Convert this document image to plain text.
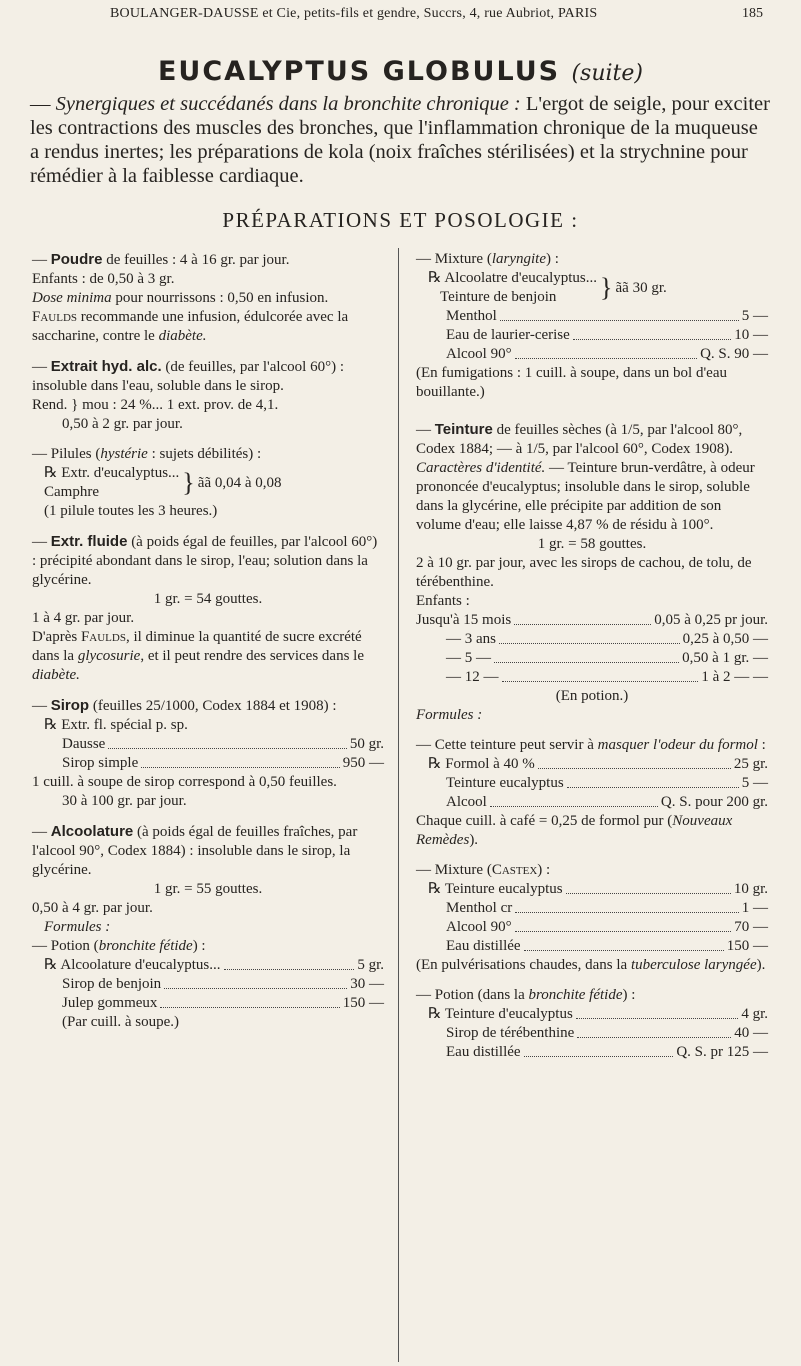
BOULANGER-DAUSSE et Cie, petits-fils et gendre, Succrs, 4, rue Aubriot, PARIS	185
EUCALYPTUS GLOBULUS (suite)
— Synergiques et succédanés dans la bronchite chronique : L'ergot de seigle, pour exciter les contractions des muscles des bronches, que l'inflammation chronique de la muqueuse a rendus inertes; les préparations de kola (noix fraîches stérilisées) et la strychnine pour rémédier à la faiblesse cardiaque.
PRÉPARATIONS ET POSOLOGIE :
— Poudre de feuilles : 4 à 16 gr. par jour.
Enfants : de 0,50 à 3 gr.
Dose minima pour nourrissons : 0,50 en infusion.
Faulds recommande une infusion, édulcorée avec la saccharine, contre le diabète.
— Extrait hyd. alc. (de feuilles, par l'alcool 60°) : insoluble dans l'eau, soluble dans le sirop.
Rend. } mou : 24 %... 1 ext. prov. de 4,1.
0,50 à 2 gr. par jour.
— Pilules (hystérie : sujets débilités) :
℞ Extr. d'eucalyptus...
Camphre	} ãã 0,04 à 0,08
(1 pilule toutes les 3 heures.)
— Extr. fluide (à poids égal de feuilles, par l'alcool 60°) : précipité abondant dans le sirop, l'eau; solution dans la glycérine.
1 gr. = 54 gouttes.
1 à 4 gr. par jour.
D'après Faulds, il diminue la quantité de sucre excrété dans la glycosurie, et il peut rendre des services dans le diabète.
— Sirop (feuilles 25/1000, Codex 1884 et 1908) :
℞ Extr. fl. spécial p. sp.
Dausse	50 gr.
Sirop simple	950 —
1 cuill. à soupe de sirop correspond à 0,50 feuilles.
30 à 100 gr. par jour.
— Alcoolature (à poids égal de feuilles fraîches, par l'alcool 90°, Codex 1884) : insoluble dans le sirop, la glycérine.
1 gr. = 55 gouttes.
0,50 à 4 gr. par jour.
Formules :
— Potion (bronchite fétide) :
℞ Alcoolature d'eucalyptus...	5 gr.
Sirop de benjoin	30 —
Julep gommeux	150 —
(Par cuill. à soupe.)
— Mixture (laryngite) :
℞ Alcoolatre d'eucalyptus...
Teinture de benjoin	} ãã 30 gr.
Menthol	5 —
Eau de laurier-cerise	10 —
Alcool 90°	Q. S. 90 —
(En fumigations : 1 cuill. à soupe, dans un bol d'eau bouillante.)
— Teinture de feuilles sèches (à 1/5, par l'alcool 80°, Codex 1884; — à 1/5, par l'alcool 60°, Codex 1908).
Caractères d'identité. — Teinture brun-verdâtre, à odeur prononcée d'eucalyptus; insoluble dans le sirop, soluble dans la glycérine, elle précipite par addition de son volume d'eau; elle laisse 4,87 % de résidu à 100°.
1 gr. = 58 gouttes.
2 à 10 gr. par jour, avec les sirops de cachou, de tolu, de térébenthine.
Enfants :
Jusqu'à 15 mois	0,05 à 0,25 pr jour.
— 3 ans	0,25 à 0,50 —
— 5 —	0,50 à 1 gr. —
— 12 —	1 à 2 — —
(En potion.)
Formules :
— Cette teinture peut servir à masquer l'odeur du formol :
℞ Formol à 40 %	25 gr.
Teinture eucalyptus	5 —
Alcool	Q. S. pour 200 gr.
Chaque cuill. à café = 0,25 de formol pur (Nouveaux Remèdes).
— Mixture (Castex) :
℞ Teinture eucalyptus	10 gr.
Menthol cr	1 —
Alcool 90°	70 —
Eau distillée	150 —
(En pulvérisations chaudes, dans la tuberculose laryngée).
— Potion (dans la bronchite fétide) :
℞ Teinture d'eucalyptus	4 gr.
Sirop de térébenthine	40 —
Eau distillée	Q. S. pr 125 —
